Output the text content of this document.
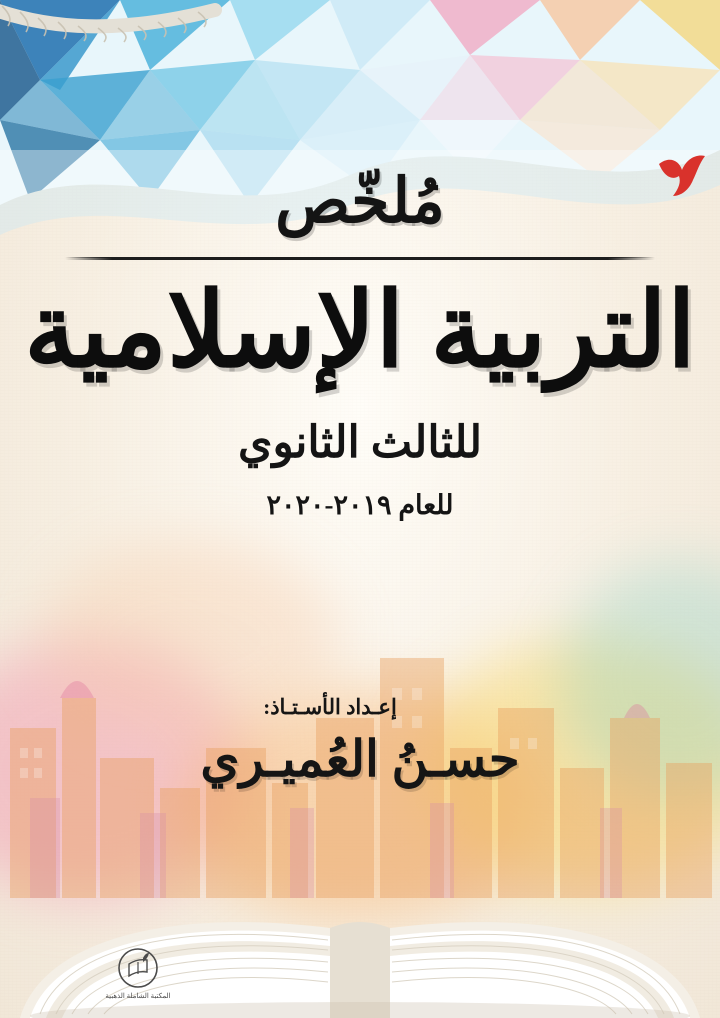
مُلخّص
التربية الإسلامية
للثالث الثانوي
للعام ٢٠١٩-٢٠٢٠
إعـداد الأسـتـاذ:
حسـنُ العُميـري
المكتبة الشاملة الذهبية
